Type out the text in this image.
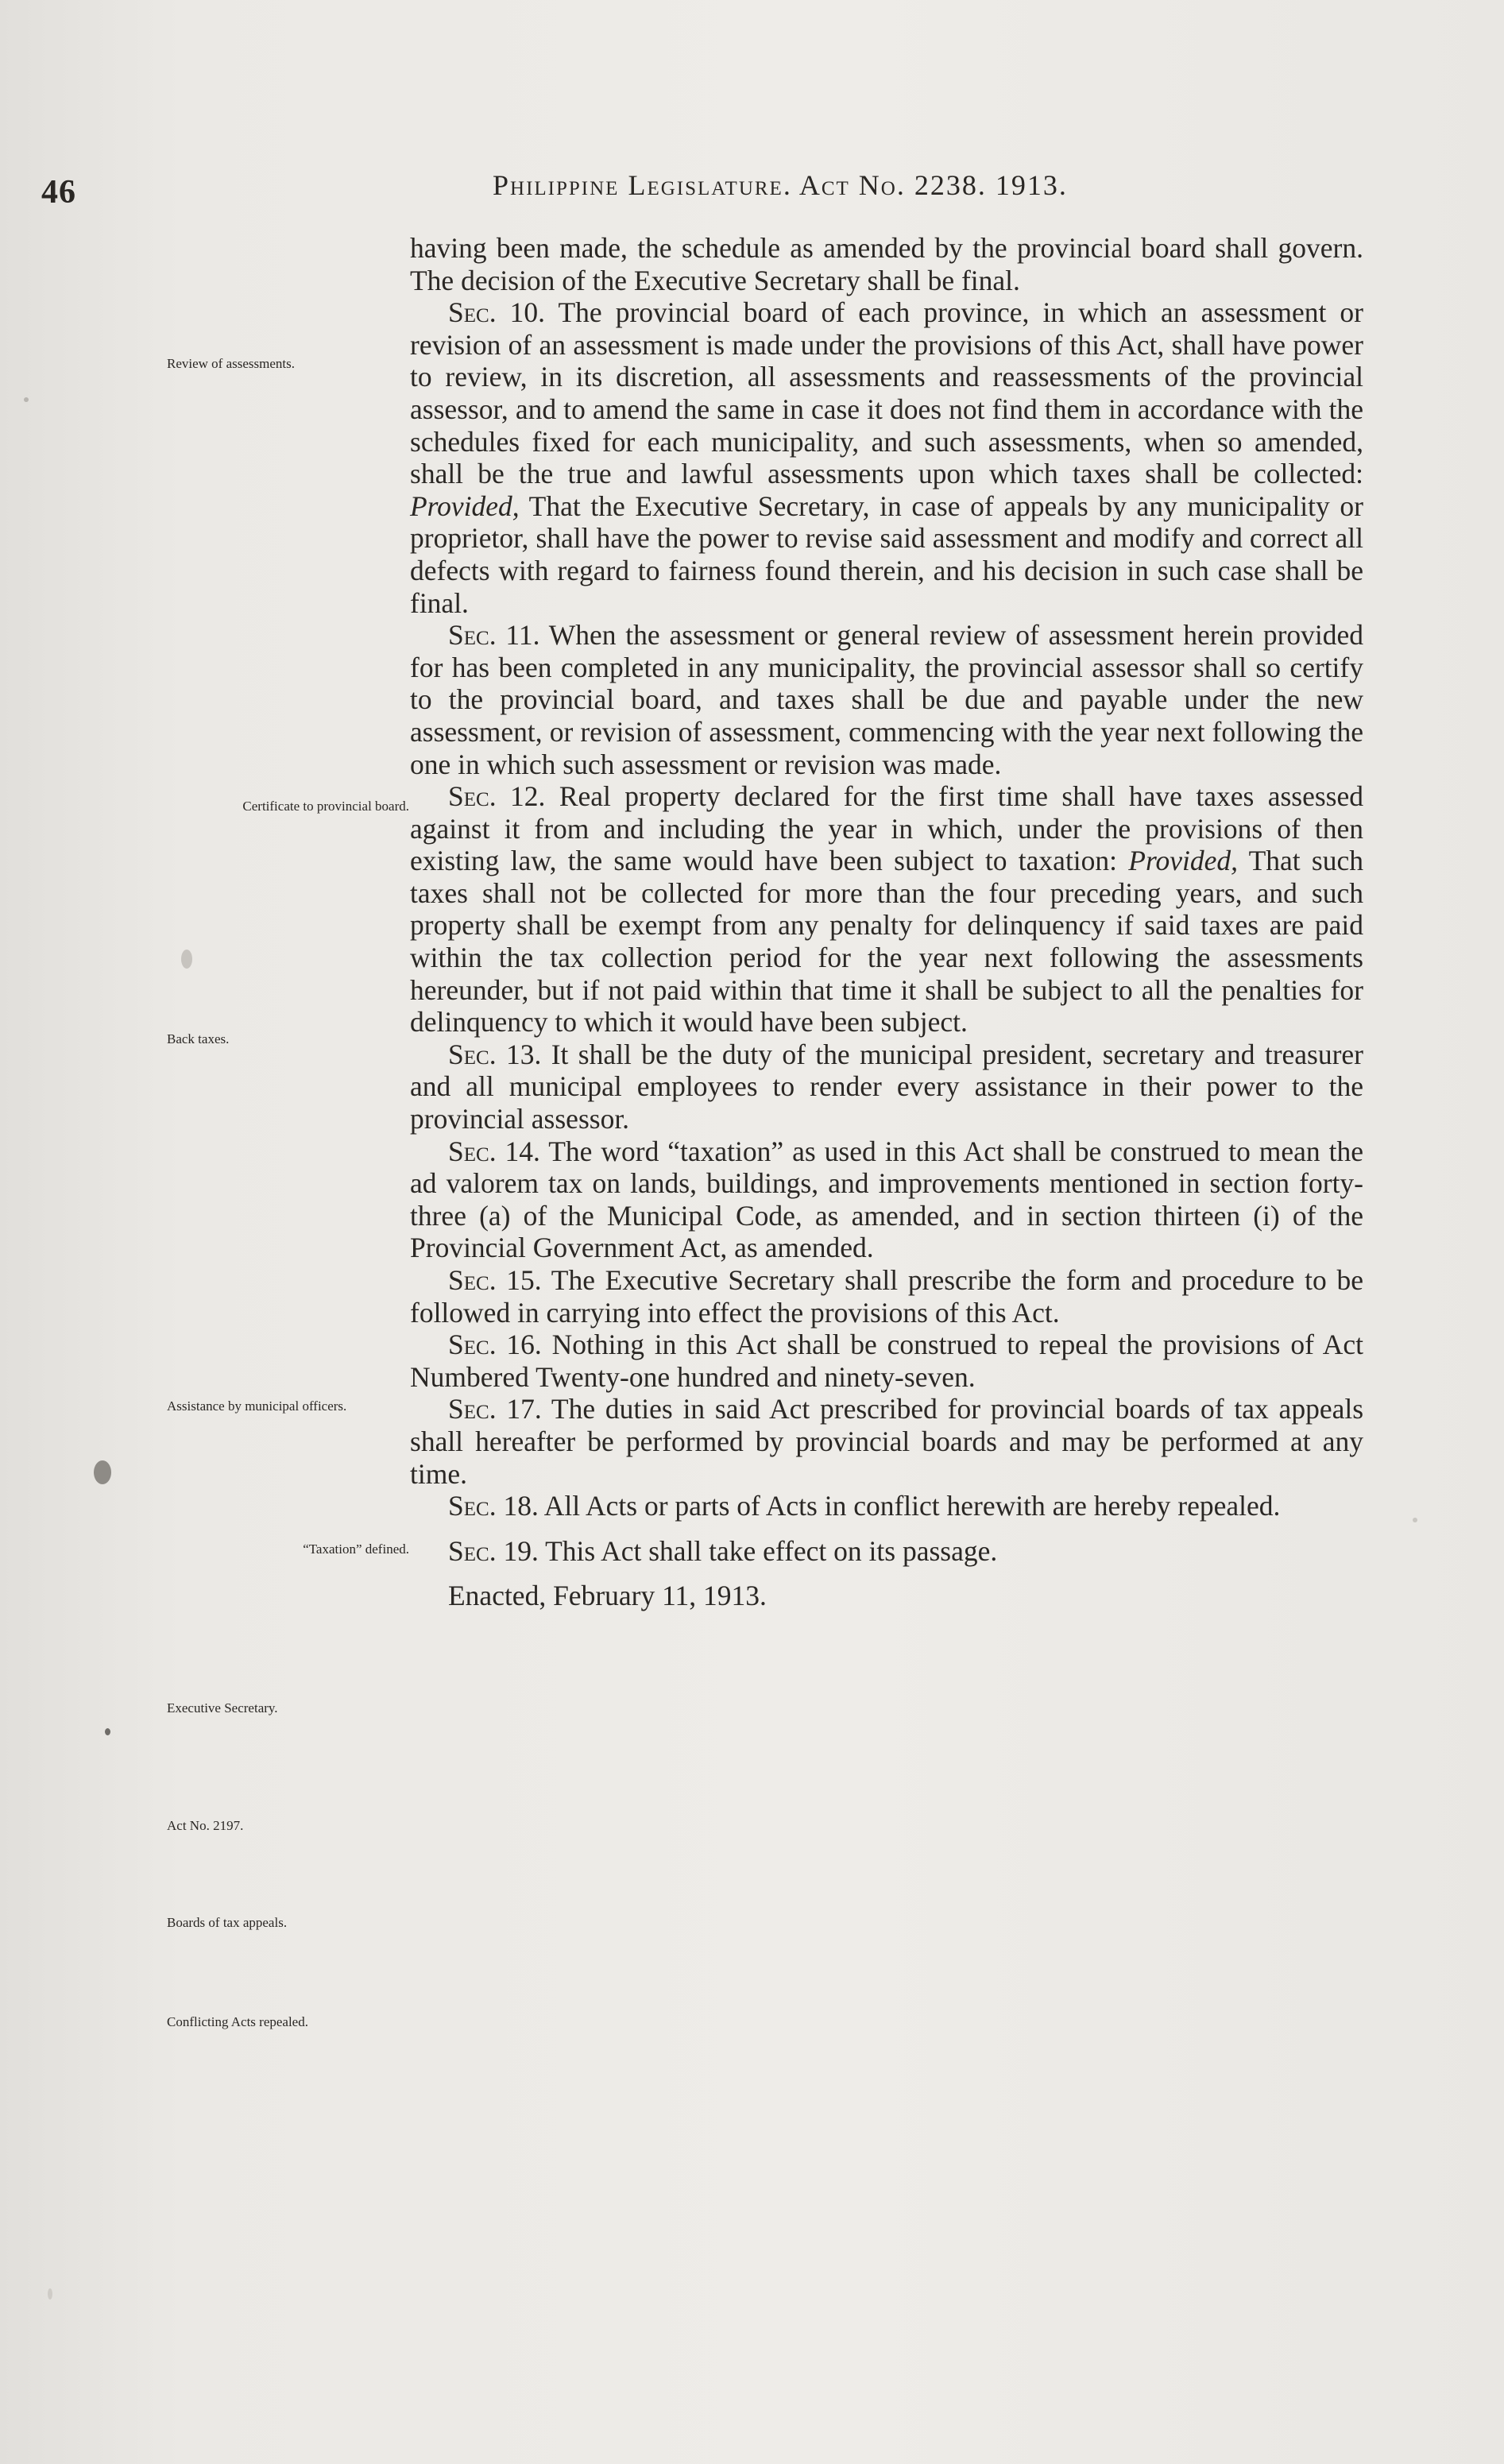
46	Philippine Legislature. Act No. 2238. 1913.
Review of assessments.
Certificate to provincial board.
Back taxes.
Assistance by municipal officers.
“Taxation” defined.
Executive Secretary.
Act No. 2197.
Boards of tax appeals.
Conflicting Acts repealed.

having been made, the schedule as amended by the provincial board shall govern. The decision of the Executive Secretary shall be final.

Sec. 10. The provincial board of each province, in which an assessment or revision of an assessment is made under the provisions of this Act, shall have power to review, in its discretion, all assessments and reassessments of the provincial assessor, and to amend the same in case it does not find them in accordance with the schedules fixed for each municipality, and such assessments, when so amended, shall be the true and lawful assessments upon which taxes shall be collected: Provided, That the Executive Secretary, in case of appeals by any municipality or proprietor, shall have the power to revise said assessment and modify and correct all defects with regard to fairness found therein, and his decision in such case shall be final.

Sec. 11. When the assessment or general review of assessment herein provided for has been completed in any municipality, the provincial assessor shall so certify to the provincial board, and taxes shall be due and payable under the new assessment, or revision of assessment, commencing with the year next following the one in which such assessment or revision was made.

Sec. 12. Real property declared for the first time shall have taxes assessed against it from and including the year in which, under the provisions of then existing law, the same would have been subject to taxation: Provided, That such taxes shall not be collected for more than the four preceding years, and such property shall be exempt from any penalty for delinquency if said taxes are paid within the tax collection period for the year next following the assessments hereunder, but if not paid within that time it shall be subject to all the penalties for delinquency to which it would have been subject.

Sec. 13. It shall be the duty of the municipal president, secretary and treasurer and all municipal employees to render every assistance in their power to the provincial assessor.

Sec. 14. The word “taxation” as used in this Act shall be construed to mean the ad valorem tax on lands, buildings, and improvements mentioned in section forty-three (a) of the Municipal Code, as amended, and in section thirteen (i) of the Provincial Government Act, as amended.

Sec. 15. The Executive Secretary shall prescribe the form and procedure to be followed in carrying into effect the provisions of this Act.

Sec. 16. Nothing in this Act shall be construed to repeal the provisions of Act Numbered Twenty-one hundred and ninety-seven.

Sec. 17. The duties in said Act prescribed for provincial boards of tax appeals shall hereafter be performed by provincial boards and may be performed at any time.

Sec. 18. All Acts or parts of Acts in conflict herewith are hereby repealed.

Sec. 19. This Act shall take effect on its passage.

Enacted, February 11, 1913.
